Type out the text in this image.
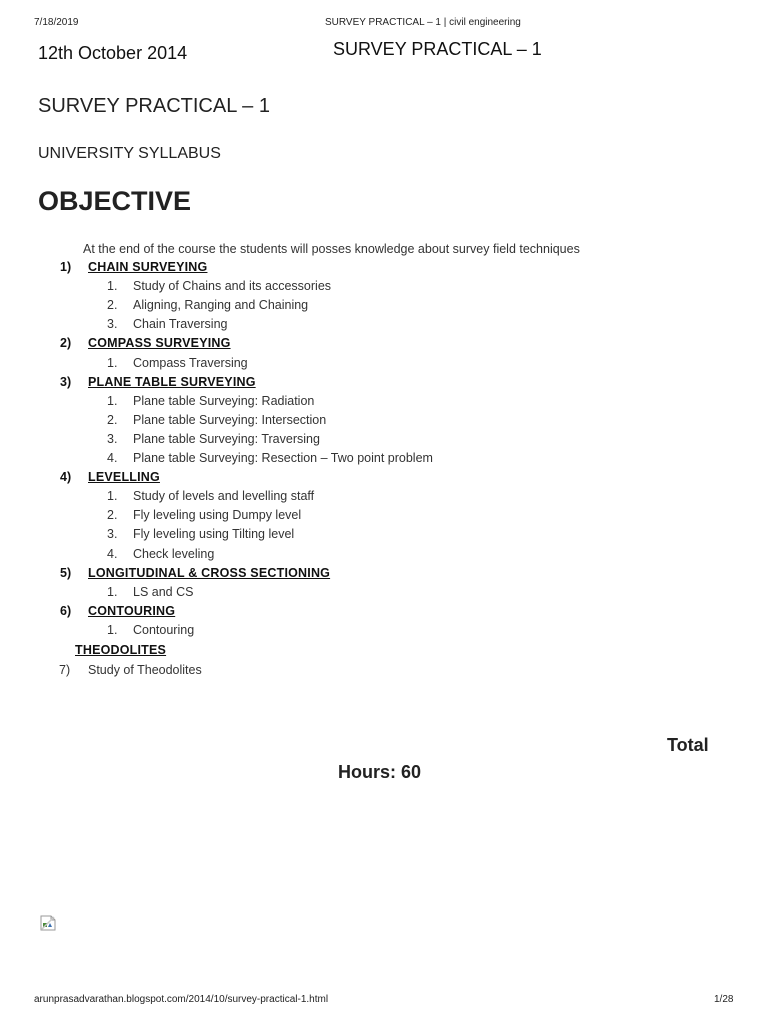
7/18/2019	SURVEY PRACTICAL – 1 | civil engineering
12th October 2014	SURVEY PRACTICAL – 1
SURVEY PRACTICAL – 1
UNIVERSITY SYLLABUS
OBJECTIVE
At the end of the course the students will posses knowledge about survey field techniques
1) CHAIN SURVEYING
1. Study of Chains and its accessories
2. Aligning, Ranging and Chaining
3. Chain Traversing
2) COMPASS SURVEYING
1. Compass Traversing
3) PLANE TABLE SURVEYING
1. Plane table Surveying: Radiation
2. Plane table Surveying: Intersection
3. Plane table Surveying: Traversing
4. Plane table Surveying: Resection – Two point problem
4) LEVELLING
1. Study of levels and levelling staff
2. Fly leveling using Dumpy level
3. Fly leveling using Tilting level
4. Check leveling
5) LONGITUDINAL & CROSS SECTIONING
1. LS and CS
6) CONTOURING
1. Contouring
THEODOLITES
7) Study of Theodolites
Total
Hours: 60
arunprasadvarathan.blogspot.com/2014/10/survey-practical-1.html	1/28
